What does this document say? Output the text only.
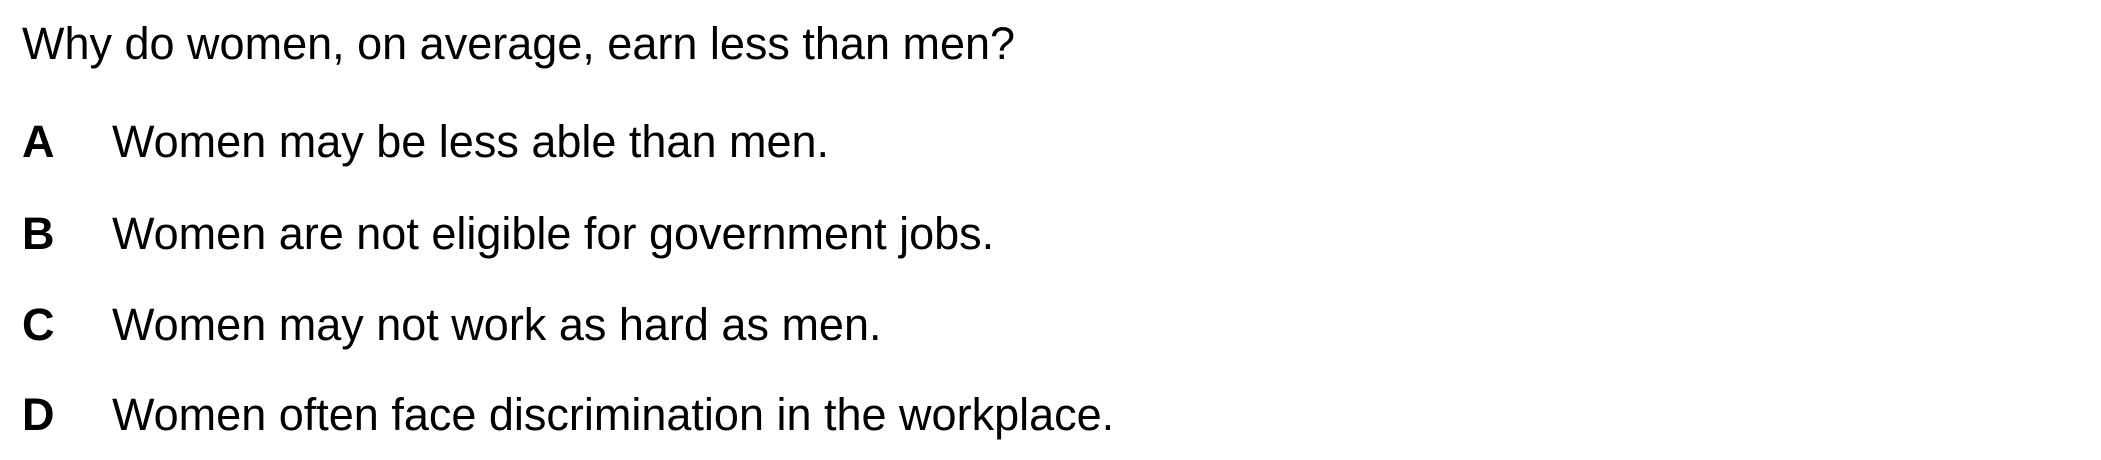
Why do women, on average, earn less than men?
A Women may be less able than men.
B Women are not eligible for government jobs.
C Women may not work as hard as men.
D Women often face discrimination in the workplace.
